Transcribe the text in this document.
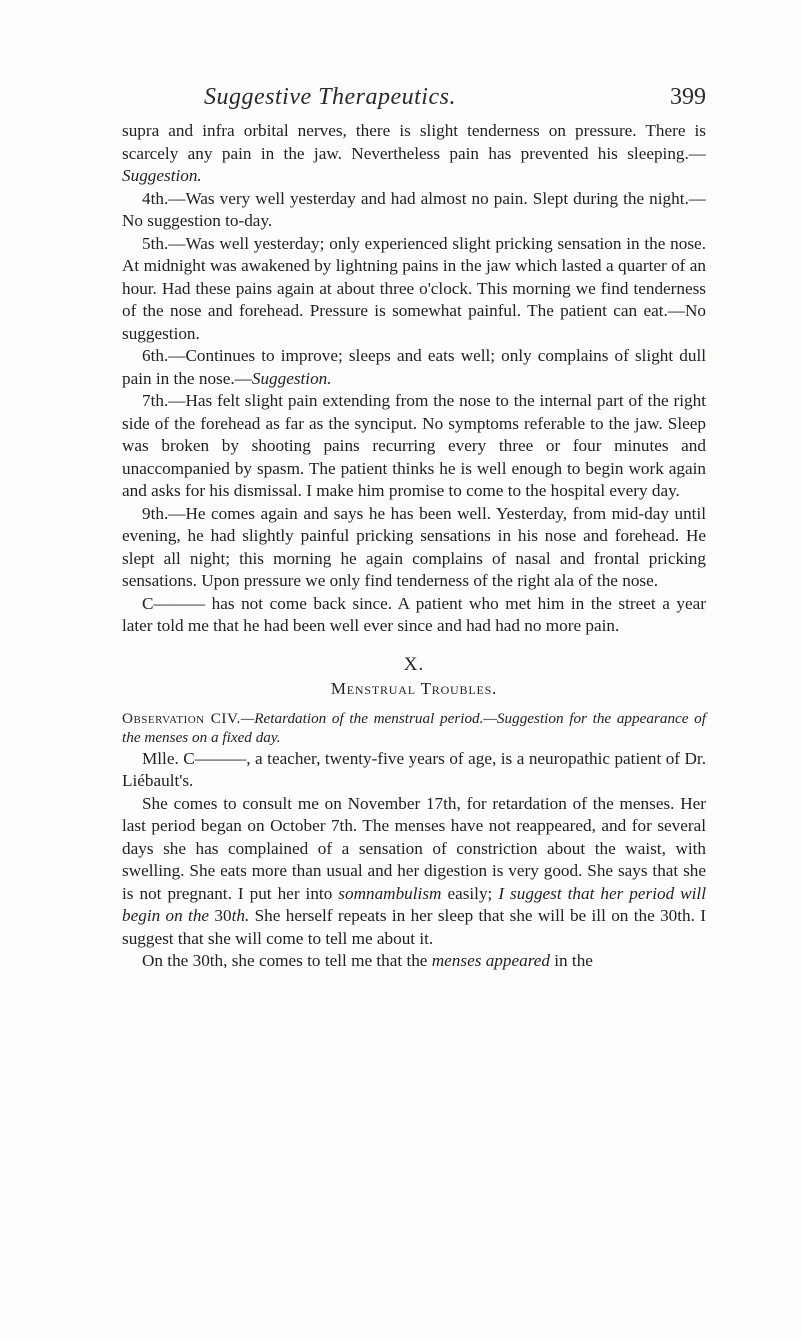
Suggestive Therapeutics.	399

supra and infra orbital nerves, there is slight tenderness on pressure. There is scarcely any pain in the jaw. Nevertheless pain has prevented his sleeping.—Suggestion.

4th.—Was very well yesterday and had almost no pain. Slept during the night.—No suggestion to-day.

5th.—Was well yesterday; only experienced slight pricking sensation in the nose. At midnight was awakened by lightning pains in the jaw which lasted a quarter of an hour. Had these pains again at about three o'clock. This morning we find tenderness of the nose and forehead. Pressure is somewhat painful. The patient can eat.—No suggestion.

6th.—Continues to improve; sleeps and eats well; only complains of slight dull pain in the nose.—Suggestion.

7th.—Has felt slight pain extending from the nose to the internal part of the right side of the forehead as far as the synciput. No symptoms referable to the jaw. Sleep was broken by shooting pains recurring every three or four minutes and unaccompanied by spasm. The patient thinks he is well enough to begin work again and asks for his dismissal. I make him promise to come to the hospital every day.

9th.—He comes again and says he has been well. Yesterday, from mid-day until evening, he had slightly painful pricking sensations in his nose and forehead. He slept all night; this morning he again complains of nasal and frontal pricking sensations. Upon pressure we only find tenderness of the right ala of the nose.

C——— has not come back since. A patient who met him in the street a year later told me that he had been well ever since and had had no more pain.

X.
Menstrual Troubles.

Observation CIV.—Retardation of the menstrual period.—Suggestion for the appearance of the menses on a fixed day.

Mlle. C———, a teacher, twenty-five years of age, is a neuropathic patient of Dr. Liébault's.

She comes to consult me on November 17th, for retardation of the menses. Her last period began on October 7th. The menses have not reappeared, and for several days she has complained of a sensation of constriction about the waist, with swelling. She eats more than usual and her digestion is very good. She says that she is not pregnant. I put her into somnambulism easily; I suggest that her period will begin on the 30th. She herself repeats in her sleep that she will be ill on the 30th. I suggest that she will come to tell me about it.

On the 30th, she comes to tell me that the menses appeared in the
